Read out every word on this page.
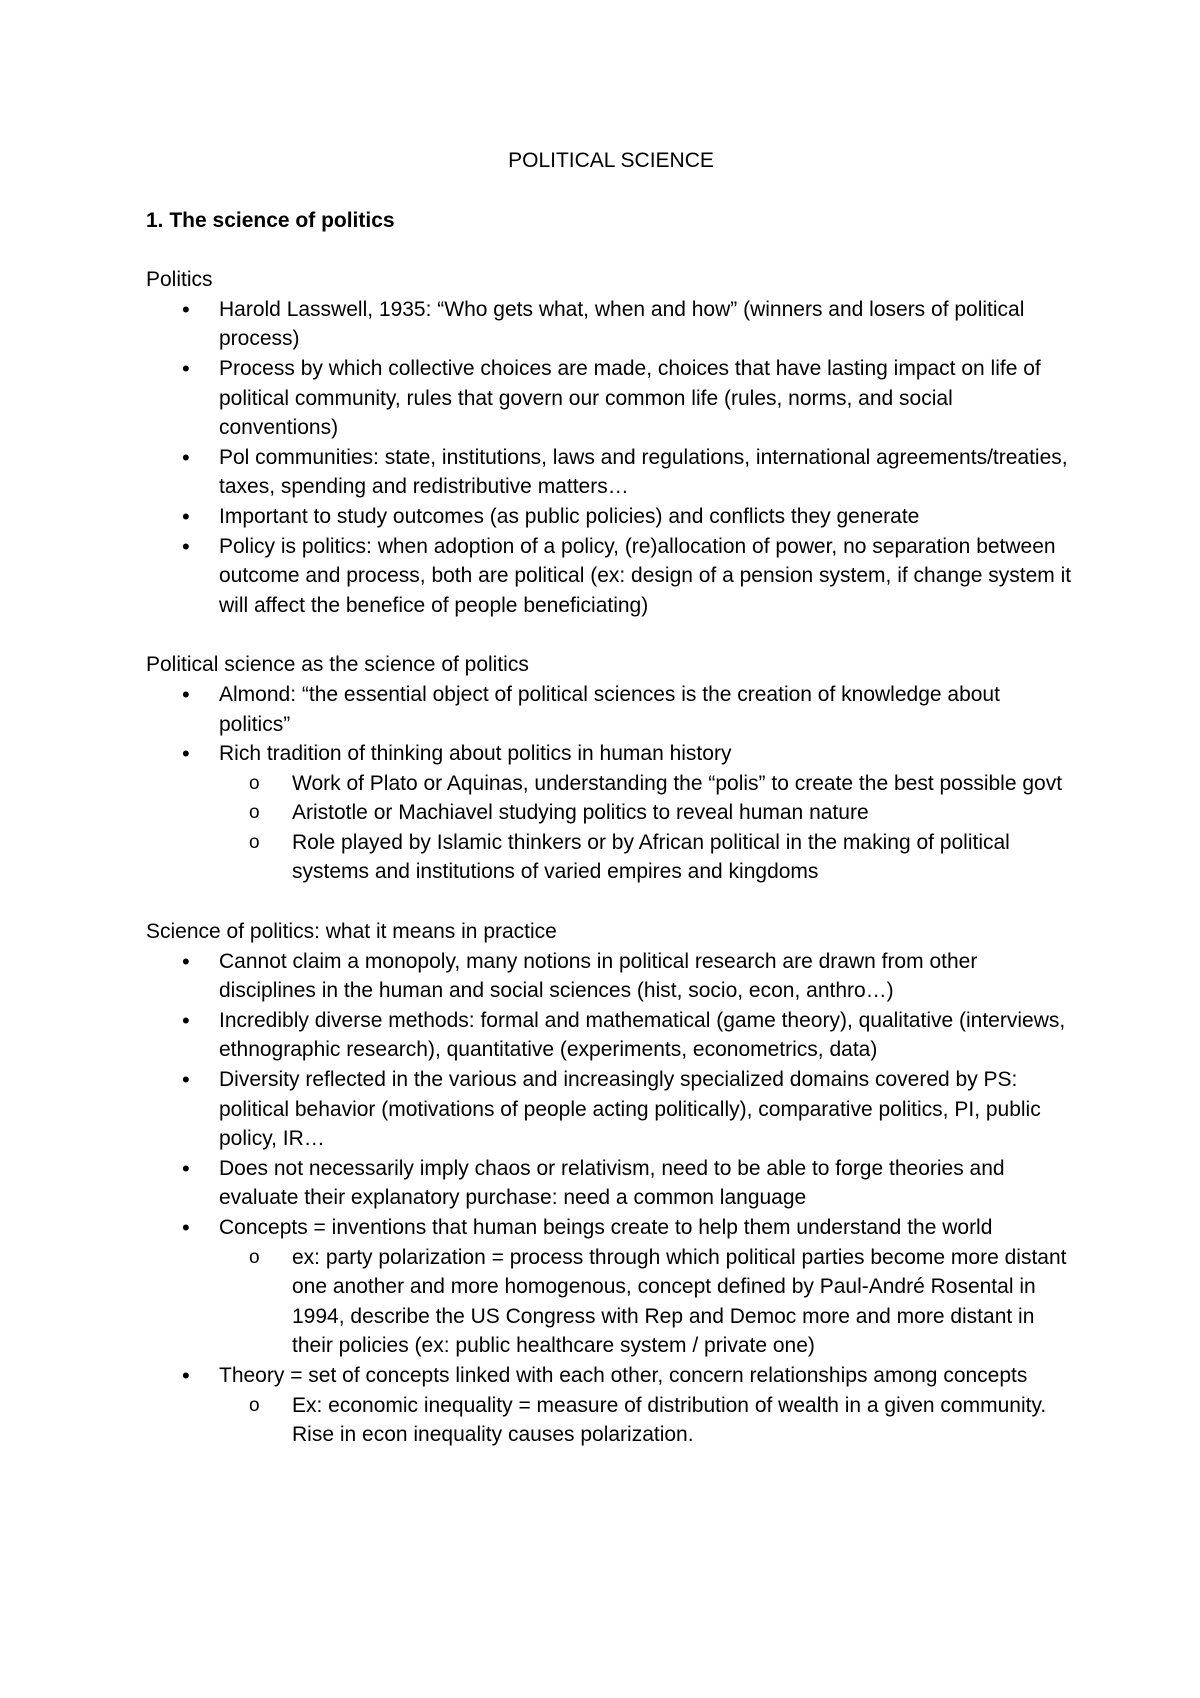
POLITICAL SCIENCE
1. The science of politics
Politics
• Harold Lasswell, 1935: “Who gets what, when and how” (winners and losers of political process)
• Process by which collective choices are made, choices that have lasting impact on life of political community, rules that govern our common life (rules, norms, and social conventions)
• Pol communities: state, institutions, laws and regulations, international agreements/treaties, taxes, spending and redistributive matters…
• Important to study outcomes (as public policies) and conflicts they generate
• Policy is politics: when adoption of a policy, (re)allocation of power, no separation between outcome and process, both are political (ex: design of a pension system, if change system it will affect the benefice of people beneficiating)
Political science as the science of politics
• Almond: “the essential object of political sciences is the creation of knowledge about politics”
• Rich tradition of thinking about politics in human history
o Work of Plato or Aquinas, understanding the “polis” to create the best possible govt
o Aristotle or Machiavel studying politics to reveal human nature
o Role played by Islamic thinkers or by African political in the making of political systems and institutions of varied empires and kingdoms
Science of politics: what it means in practice
• Cannot claim a monopoly, many notions in political research are drawn from other disciplines in the human and social sciences (hist, socio, econ, anthro…)
• Incredibly diverse methods: formal and mathematical (game theory), qualitative (interviews, ethnographic research), quantitative (experiments, econometrics, data)
• Diversity reflected in the various and increasingly specialized domains covered by PS: political behavior (motivations of people acting politically), comparative politics, PI, public policy, IR…
• Does not necessarily imply chaos or relativism, need to be able to forge theories and evaluate their explanatory purchase: need a common language
• Concepts = inventions that human beings create to help them understand the world
o ex: party polarization = process through which political parties become more distant one another and more homogenous, concept defined by Paul-André Rosental in 1994, describe the US Congress with Rep and Democ more and more distant in their policies (ex: public healthcare system / private one)
• Theory = set of concepts linked with each other, concern relationships among concepts
o Ex: economic inequality = measure of distribution of wealth in a given community. Rise in econ inequality causes polarization.
